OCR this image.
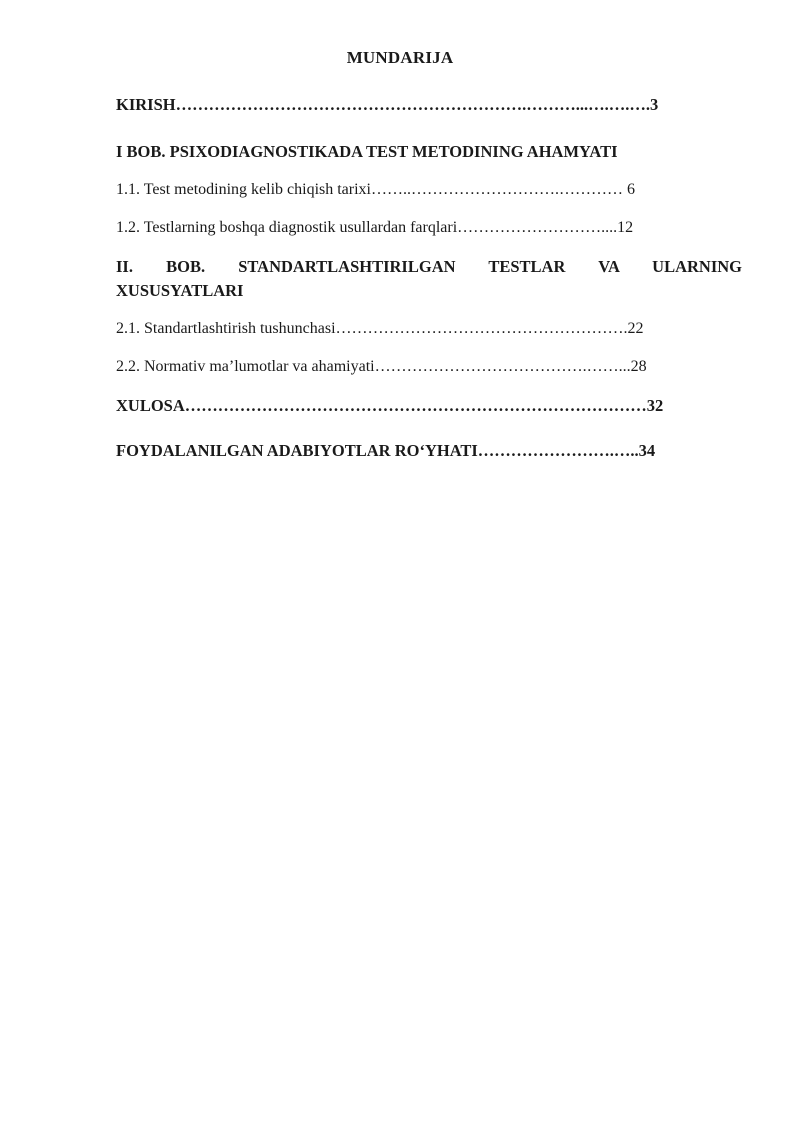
MUNDARIJA
KIRISH……………………………………………………….………...….….….3
I BOB. PSIXODIAGNOSTIKADA TEST METODINING AHAMYATI
1.1. Test metodining kelib chiqish tarixi……..……………………….………… 6
1.2. Testlarning boshqa diagnostik usullardan farqlari………………………....12
II. BOB. STANDARTLASHTIRILGAN TESTLAR VA ULARNING
XUSUSYATLARI
2.1. Standartlashtirish tushunchasi……………………………………………….22
2.2. Normativ ma’lumotlar va ahamiyati………………………………….……...28
XULOSA…………………………………………………………………………32
FOYDALANILGAN ADABIYOTLAR RO‘YHATI…………………….…..34
